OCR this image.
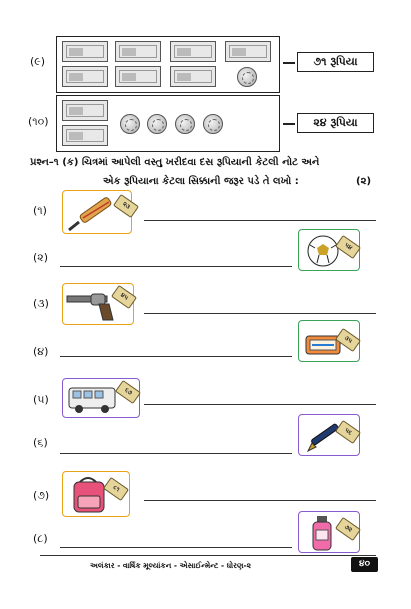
(૯)	૭૧ રૂપિયા
(૧૦)	૨૪ રૂપિયા
પ્રશ્ન–૧ (ક) ચિત્રમાં આપેલી વસ્તુ ખરીદવા દસ રૂપિયાની કેટલી નોટ અને
એક રૂપિયાના કેટલા સિક્કાની જરૂર પડે તે લખો :	(૨)
(૧)	૨૩
(૨)
૫૪
(૩)
૪૫
(૪)
૩૫
(૫)
૬૭
(૬)
૫૬
(૭)
૮૧
(૮)
૭૨
અલંકાર - વાર્ષિક મૂલ્યાંકન - એસાઈન્મેન્ટ - ધોરણ-૨	૪૦
